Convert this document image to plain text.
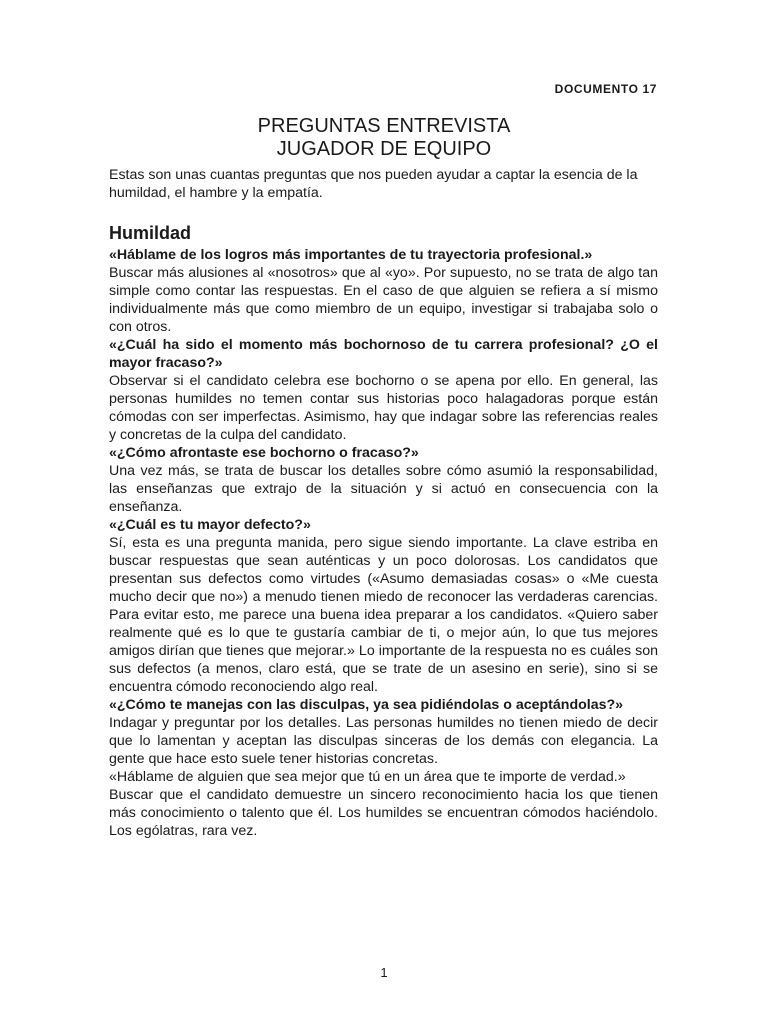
DOCUMENTO 17
PREGUNTAS ENTREVISTA
JUGADOR DE EQUIPO

Estas son unas cuantas preguntas que nos pueden ayudar a captar la esencia de la humildad, el hambre y la empatía.

Humildad

«Háblame de los logros más importantes de tu trayectoria profesional.»

Buscar más alusiones al «nosotros» que al «yo». Por supuesto, no se trata de algo tan simple como contar las respuestas. En el caso de que alguien se refiera a sí mismo individualmente más que como miembro de un equipo, investigar si trabajaba solo o con otros.

«¿Cuál ha sido el momento más bochornoso de tu carrera profesional? ¿O el mayor fracaso?»

Observar si el candidato celebra ese bochorno o se apena por ello. En general, las personas humildes no temen contar sus historias poco halagadoras porque están cómodas con ser imperfectas. Asimismo, hay que indagar sobre las referencias reales y concretas de la culpa del candidato.

«¿Cómo afrontaste ese bochorno o fracaso?»

Una vez más, se trata de buscar los detalles sobre cómo asumió la responsabilidad, las enseñanzas que extrajo de la situación y si actuó en consecuencia con la enseñanza.

«¿Cuál es tu mayor defecto?»

Sí, esta es una pregunta manida, pero sigue siendo importante. La clave estriba en buscar respuestas que sean auténticas y un poco dolorosas. Los candidatos que presentan sus defectos como virtudes («Asumo demasiadas cosas» o «Me cuesta mucho decir que no») a menudo tienen miedo de reconocer las verdaderas carencias. Para evitar esto, me parece una buena idea preparar a los candidatos. «Quiero saber realmente qué es lo que te gustaría cambiar de ti, o mejor aún, lo que tus mejores amigos dirían que tienes que mejorar.» Lo importante de la respuesta no es cuáles son sus defectos (a menos, claro está, que se trate de un asesino en serie), sino si se encuentra cómodo reconociendo algo real.

«¿Cómo te manejas con las disculpas, ya sea pidiéndolas o aceptándolas?»

Indagar y preguntar por los detalles. Las personas humildes no tienen miedo de decir que lo lamentan y aceptan las disculpas sinceras de los demás con elegancia. La gente que hace esto suele tener historias concretas.

«Háblame de alguien que sea mejor que tú en un área que te importe de verdad.»

Buscar que el candidato demuestre un sincero reconocimiento hacia los que tienen más conocimiento o talento que él. Los humildes se encuentran cómodos haciéndolo. Los ególatras, rara vez.

1
